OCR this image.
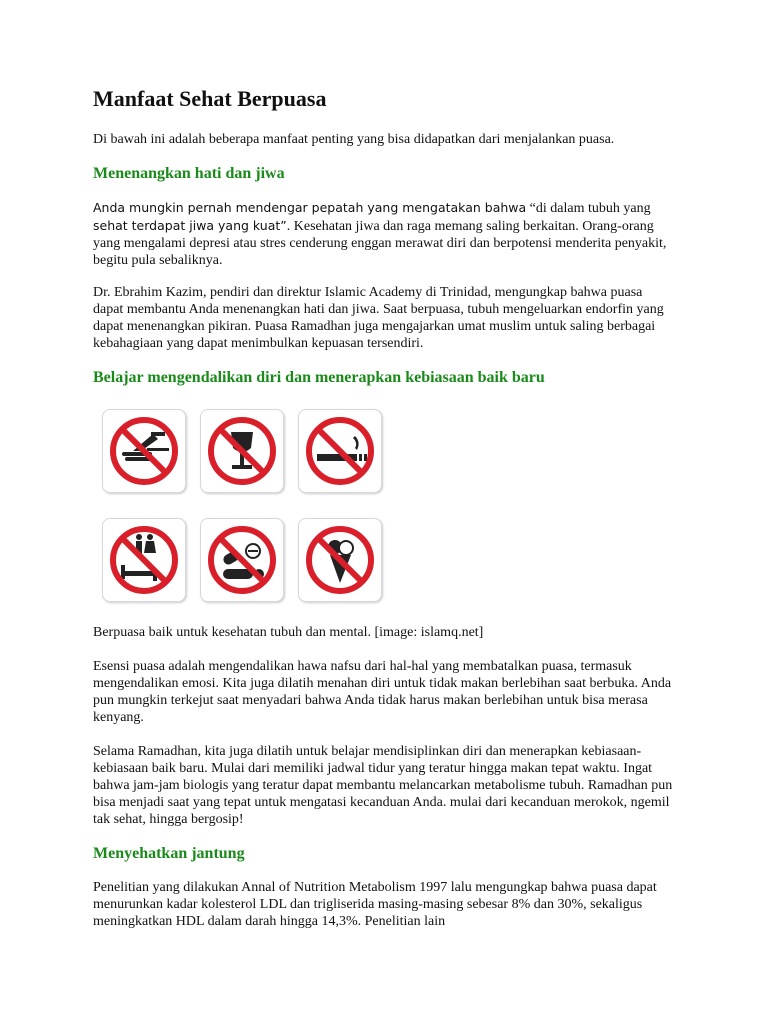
Manfaat Sehat Berpuasa

Di bawah ini adalah beberapa manfaat penting yang bisa didapatkan dari menjalankan puasa.

Menenangkan hati dan jiwa

Anda mungkin pernah mendengar pepatah yang mengatakan bahwa “di dalam tubuh yang sehat terdapat jiwa yang kuat”. Kesehatan jiwa dan raga memang saling berkaitan. Orang-orang yang mengalami depresi atau stres cenderung enggan merawat diri dan berpotensi menderita penyakit, begitu pula sebaliknya.

Dr. Ebrahim Kazim, pendiri dan direktur Islamic Academy di Trinidad, mengungkap bahwa puasa dapat membantu Anda menenangkan hati dan jiwa. Saat berpuasa, tubuh mengeluarkan endorfin yang dapat menenangkan pikiran. Puasa Ramadhan juga mengajarkan umat muslim untuk saling berbagai kebahagiaan yang dapat menimbulkan kepuasan tersendiri.

Belajar mengendalikan diri dan menerapkan kebiasaan baik baru

Berpuasa baik untuk kesehatan tubuh dan mental. [image: islamq.net]

Esensi puasa adalah mengendalikan hawa nafsu dari hal-hal yang membatalkan puasa, termasuk mengendalikan emosi. Kita juga dilatih menahan diri untuk tidak makan berlebihan saat berbuka. Anda pun mungkin terkejut saat menyadari bahwa Anda tidak harus makan berlebihan untuk bisa merasa kenyang.

Selama Ramadhan, kita juga dilatih untuk belajar mendisiplinkan diri dan menerapkan kebiasaan-kebiasaan baik baru. Mulai dari memiliki jadwal tidur yang teratur hingga makan tepat waktu. Ingat bahwa jam-jam biologis yang teratur dapat membantu melancarkan metabolisme tubuh. Ramadhan pun bisa menjadi saat yang tepat untuk mengatasi kecanduan Anda. mulai dari kecanduan merokok, ngemil tak sehat, hingga bergosip!

Menyehatkan jantung

Penelitian yang dilakukan Annal of Nutrition Metabolism 1997 lalu mengungkap bahwa puasa dapat menurunkan kadar kolesterol LDL dan trigliserida masing-masing sebesar 8% dan 30%, sekaligus meningkatkan HDL dalam darah hingga 14,3%. Penelitian lain
